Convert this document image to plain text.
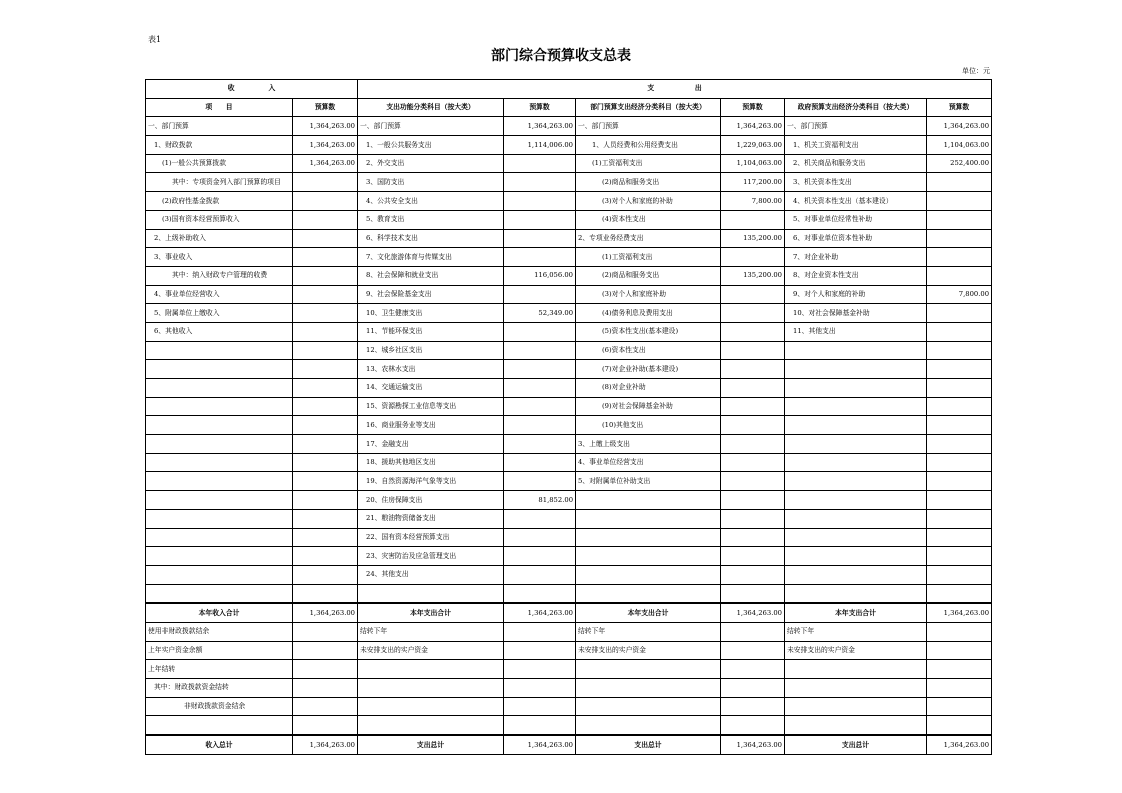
表1
部门综合预算收支总表
单位：元
收　　　　　入		支　　　　　　出					
项　　目	预算数	支出功能分类科目（按大类）	预算数	部门预算支出经济分类科目（按大类）	预算数	政府预算支出经济分类科目（按大类）	预算数
一、部门预算	1,364,263.00	一、部门预算	1,364,263.00	一、部门预算	1,364,263.00	一、部门预算	1,364,263.00
1、财政拨款	1,364,263.00	1、一般公共服务支出	1,114,006.00	1、人员经费和公用经费支出	1,229,063.00	1、机关工资福利支出	1,104,063.00
(1)一般公共预算拨款	1,364,263.00	2、外交支出		(1)工资福利支出	1,104,063.00	2、机关商品和服务支出	252,400.00
其中：专项资金列入部门预算的项目		3、国防支出		(2)商品和服务支出	117,200.00	3、机关资本性支出	
(2)政府性基金拨款		4、公共安全支出		(3)对个人和家庭的补助	7,800.00	4、机关资本性支出（基本建设）	
(3)国有资本经营预算收入		5、教育支出		(4)资本性支出		5、对事业单位经常性补助	
2、上级补助收入		6、科学技术支出		2、专项业务经费支出	135,200.00	6、对事业单位资本性补助	
3、事业收入		7、文化旅游体育与传媒支出		(1)工资福利支出		7、对企业补助	
其中：纳入财政专户管理的收费		8、社会保障和就业支出	116,056.00	(2)商品和服务支出	135,200.00	8、对企业资本性支出	
4、事业单位经营收入		9、社会保险基金支出		(3)对个人和家庭补助		9、对个人和家庭的补助	7,800.00
5、附属单位上缴收入		10、卫生健康支出	52,349.00	(4)债务利息及费用支出		10、对社会保障基金补助	
6、其他收入		11、节能环保支出		(5)资本性支出(基本建设)		11、其他支出	
		12、城乡社区支出		(6)资本性支出			
		13、农林水支出		(7)对企业补助(基本建设)			
		14、交通运输支出		(8)对企业补助			
		15、资源勘探工业信息等支出		(9)对社会保障基金补助			
		16、商业服务业等支出		(10)其他支出			
		17、金融支出		3、上缴上级支出			
		18、援助其他地区支出		4、事业单位经营支出			
		19、自然资源海洋气象等支出		5、对附属单位补助支出			
		20、住房保障支出	81,852.00				
		21、粮油物资储备支出					
		22、国有资本经营预算支出					
		23、灾害防治及应急管理支出					
		24、其他支出					

本年收入合计	1,364,263.00	本年支出合计	1,364,263.00	本年支出合计	1,364,263.00	本年支出合计	1,364,263.00
使用非财政拨款结余		结转下年		结转下年		结转下年	
上年实户资金余额		未安排支出的实户资金		未安排支出的实户资金		未安排支出的实户资金	
上年结转							
其中：财政拨款资金结转							
非财政拨款资金结余							

收入总计	1,364,263.00	支出总计	1,364,263.00	支出总计	1,364,263.00	支出总计	1,364,263.00
